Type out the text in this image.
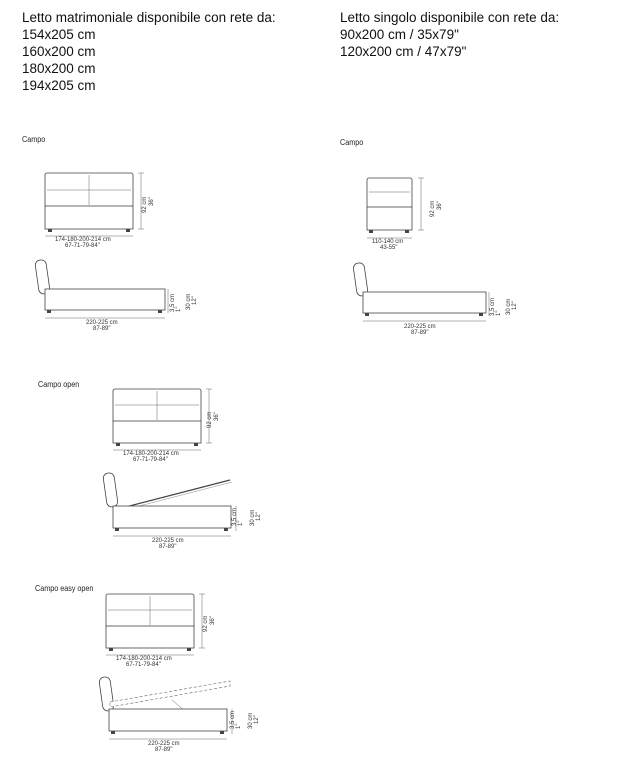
Letto matrimoniale disponibile con rete da:
154x205 cm
160x200 cm
180x200 cm
194x205 cm
Letto singolo disponibile con rete da:
90x200 cm / 35x79"
120x200 cm / 47x79"
Campo	Campo
Campo open
Campo easy open
92 cm 36"
174-180-200-214 cm
67-71-79-84"
3,5 cm 1" 30 cm 12"
220-225 cm
87-89"
92 cm 36"
110-140 cm
43-55"
3,5 cm 1" 30 cm 12"
220-225 cm
87-89"
92 cm 36"
174-180-200-214 cm
67-71-79-84"
3,5 cm 1" 30 cm 12"
220-225 cm
87-89"
92 cm 36"
174-180-200-214 cm
67-71-79-84"
3,5 cm 1" 30 cm 12"
220-225 cm
87-89"
